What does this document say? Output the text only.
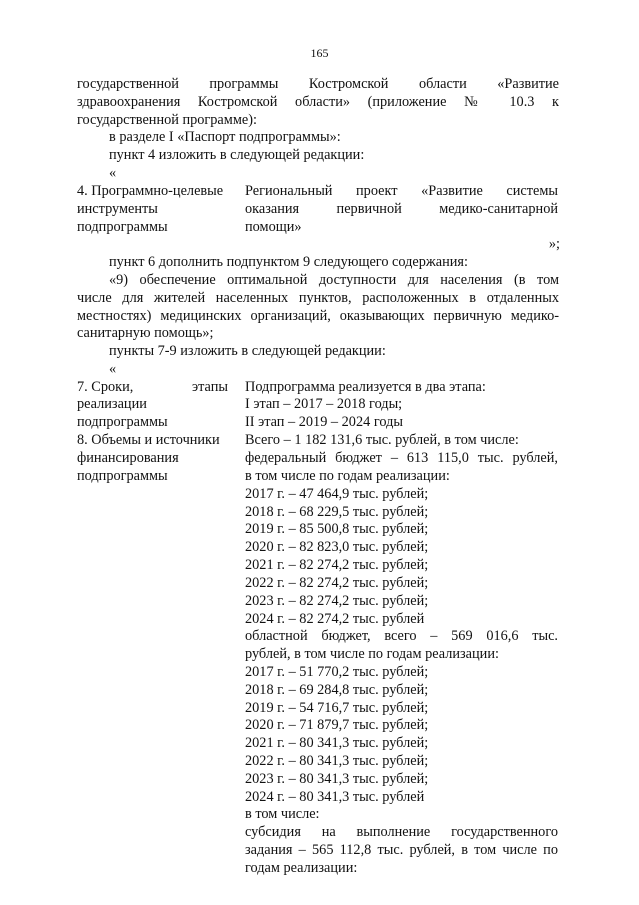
165
государственной программы Костромской области «Развитие
здравоохранения Костромской области» (приложение № 10.3 к
государственной программе):
в разделе I «Паспорт подпрограммы»:
пункт 4 изложить в следующей редакции:
«
4. Программно-целевые
инструменты
подпрограммы
Региональный проект «Развитие системы
оказания первичной медико-санитарной
помощи»
»;
пункт 6 дополнить подпунктом 9 следующего содержания:
«9) обеспечение оптимальной доступности для населения (в том
числе для жителей населенных пунктов, расположенных в отдаленных
местностях) медицинских организаций, оказывающих первичную медико-
санитарную помощь»;
пункты 7-9 изложить в следующей редакции:
«
7. Сроки,	этапы
реализации
подпрограммы
Подпрограмма реализуется в два этапа:
I этап – 2017 – 2018 годы;
II этап – 2019 – 2024 годы
8. Объемы и источники
финансирования
подпрограммы
Всего – 1 182 131,6 тыс. рублей, в том числе:
федеральный бюджет – 613 115,0 тыс. рублей,
в том числе по годам реализации:
2017 г. – 47 464,9 тыс. рублей;
2018 г. – 68 229,5 тыс. рублей;
2019 г. – 85 500,8 тыс. рублей;
2020 г. – 82 823,0 тыс. рублей;
2021 г. – 82 274,2 тыс. рублей;
2022 г. – 82 274,2 тыс. рублей;
2023 г. – 82 274,2 тыс. рублей;
2024 г. – 82 274,2 тыс. рублей
областной бюджет, всего – 569 016,6 тыс.
рублей, в том числе по годам реализации:
2017 г. – 51 770,2 тыс. рублей;
2018 г. – 69 284,8 тыс. рублей;
2019 г. – 54 716,7 тыс. рублей;
2020 г. – 71 879,7 тыс. рублей;
2021 г. – 80 341,3 тыс. рублей;
2022 г. – 80 341,3 тыс. рублей;
2023 г. – 80 341,3 тыс. рублей;
2024 г. – 80 341,3 тыс. рублей
в том числе:
субсидия на выполнение государственного
задания – 565 112,8 тыс. рублей, в том числе по
годам реализации:
